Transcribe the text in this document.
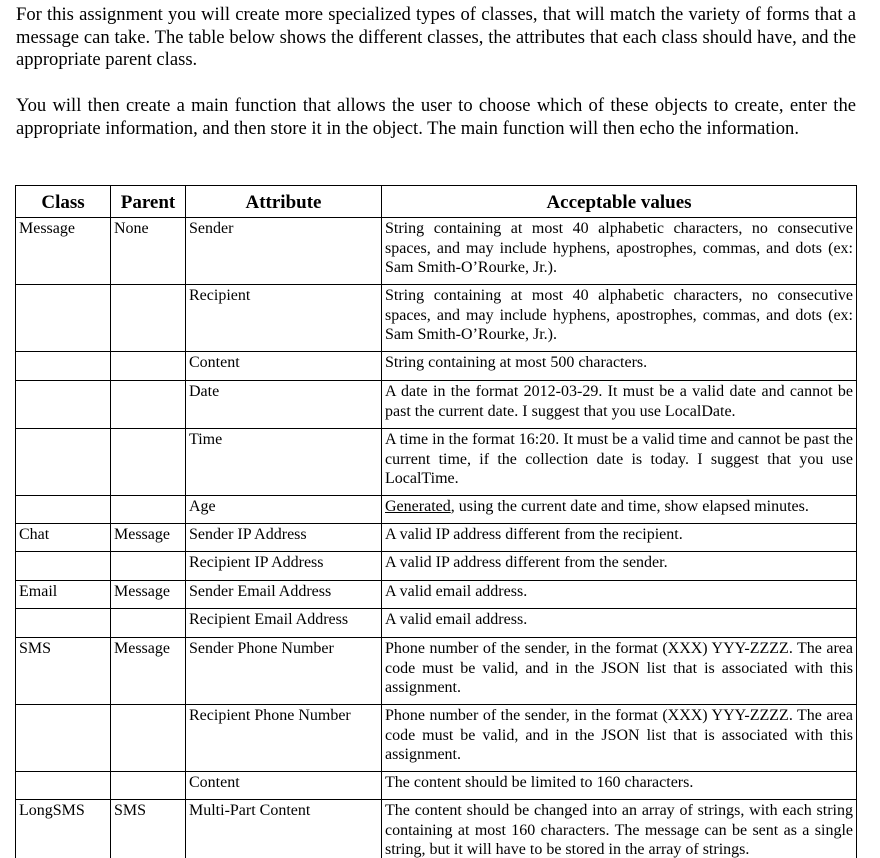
For this assignment you will create more specialized types of classes, that will match the variety of forms that a message can take. The table below shows the different classes, the attributes that each class should have, and the appropriate parent class.

You will then create a main function that allows the user to choose which of these objects to create, enter the appropriate information, and then store it in the object. The main function will then echo the information.

Class	Parent	Attribute	Acceptable values

Message	None	Sender	String containing at most 40 alphabetic characters, no consecutive spaces, and may include hyphens, apostrophes, commas, and dots (ex: Sam Smith-O’Rourke, Jr.).

		Recipient	String containing at most 40 alphabetic characters, no consecutive spaces, and may include hyphens, apostrophes, commas, and dots (ex: Sam Smith-O’Rourke, Jr.).

		Content	String containing at most 500 characters.

		Date	A date in the format 2012-03-29. It must be a valid date and cannot be past the current date. I suggest that you use LocalDate.

		Time	A time in the format 16:20. It must be a valid time and cannot be past the current time, if the collection date is today. I suggest that you use LocalTime.

		Age	Generated, using the current date and time, show elapsed minutes.

Chat	Message	Sender IP Address	A valid IP address different from the recipient.

		Recipient IP Address	A valid IP address different from the sender.

Email	Message	Sender Email Address	A valid email address.

		Recipient Email Address	A valid email address.

SMS	Message	Sender Phone Number	Phone number of the sender, in the format (XXX) YYY-ZZZZ. The area code must be valid, and in the JSON list that is associated with this assignment.

		Recipient Phone Number	Phone number of the sender, in the format (XXX) YYY-ZZZZ. The area code must be valid, and in the JSON list that is associated with this assignment.

		Content	The content should be limited to 160 characters.

LongSMS	SMS	Multi-Part Content	The content should be changed into an array of strings, with each string containing at most 160 characters. The message can be sent as a single string, but it will have to be stored in the array of strings.
